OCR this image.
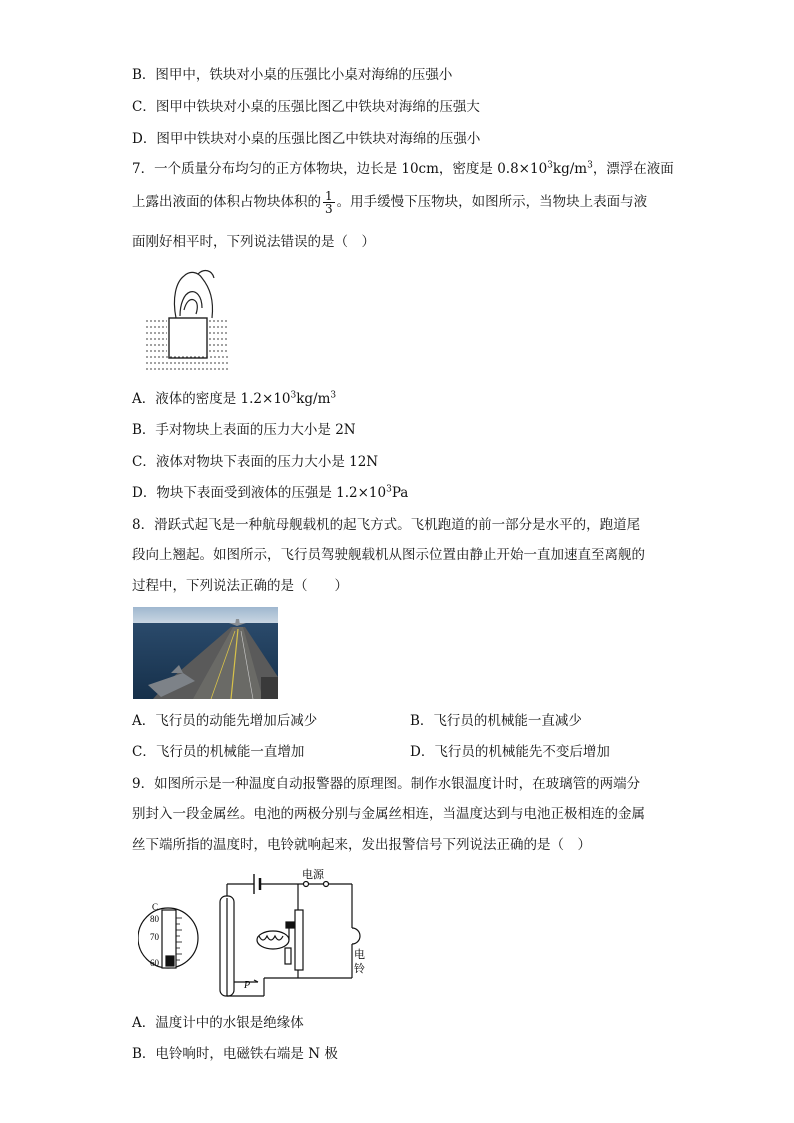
B．图甲中，铁块对小桌的压强比小桌对海绵的压强小
C．图甲中铁块对小桌的压强比图乙中铁块对海绵的压强大
D．图甲中铁块对小桌的压强比图乙中铁块对海绵的压强小
7．一个质量分布均匀的正方体物块，边长是 10cm，密度是 $0.8\times 10^3kg/m^3$，漂浮在液面
上露出液面的体积占物块体积的 $\frac{1}{3}$ 。用手缓慢下压物块，如图所示，当物块上表面与液
面刚好相平时，下列说法错误的是（　）
A．液体的密度是 $1.2\times 10^3kg/m^3$
B．手对物块上表面的压力大小是 2N
C．液体对物块下表面的压力大小是 12N
D．物块下表面受到液体的压强是 $1.2\times 10^3Pa$
8．滑跃式起飞是一种航母舰载机的起飞方式。飞机跑道的前一部分是水平的，跑道尾
段向上翘起。如图所示，飞行员驾驶舰载机从图示位置由静止开始一直加速直至离舰的
过程中，下列说法正确的是（　　）
A．飞行员的动能先增加后减少	B．飞行员的机械能一直减少
C．飞行员的机械能一直增加	D．飞行员的机械能先不变后增加
9．如图所示是一种温度自动报警器的原理图。制作水银温度计时，在玻璃管的两端分
别封入一段金属丝。电池的两极分别与金属丝相连，当温度达到与电池正极相连的金属
丝下端所指的温度时，电铃就响起来，发出报警信号下列说法正确的是（　）
80
70
60
C
电源
电
铃
P
A．温度计中的水银是绝缘体
B．电铃响时，电磁铁右端是 N 极
